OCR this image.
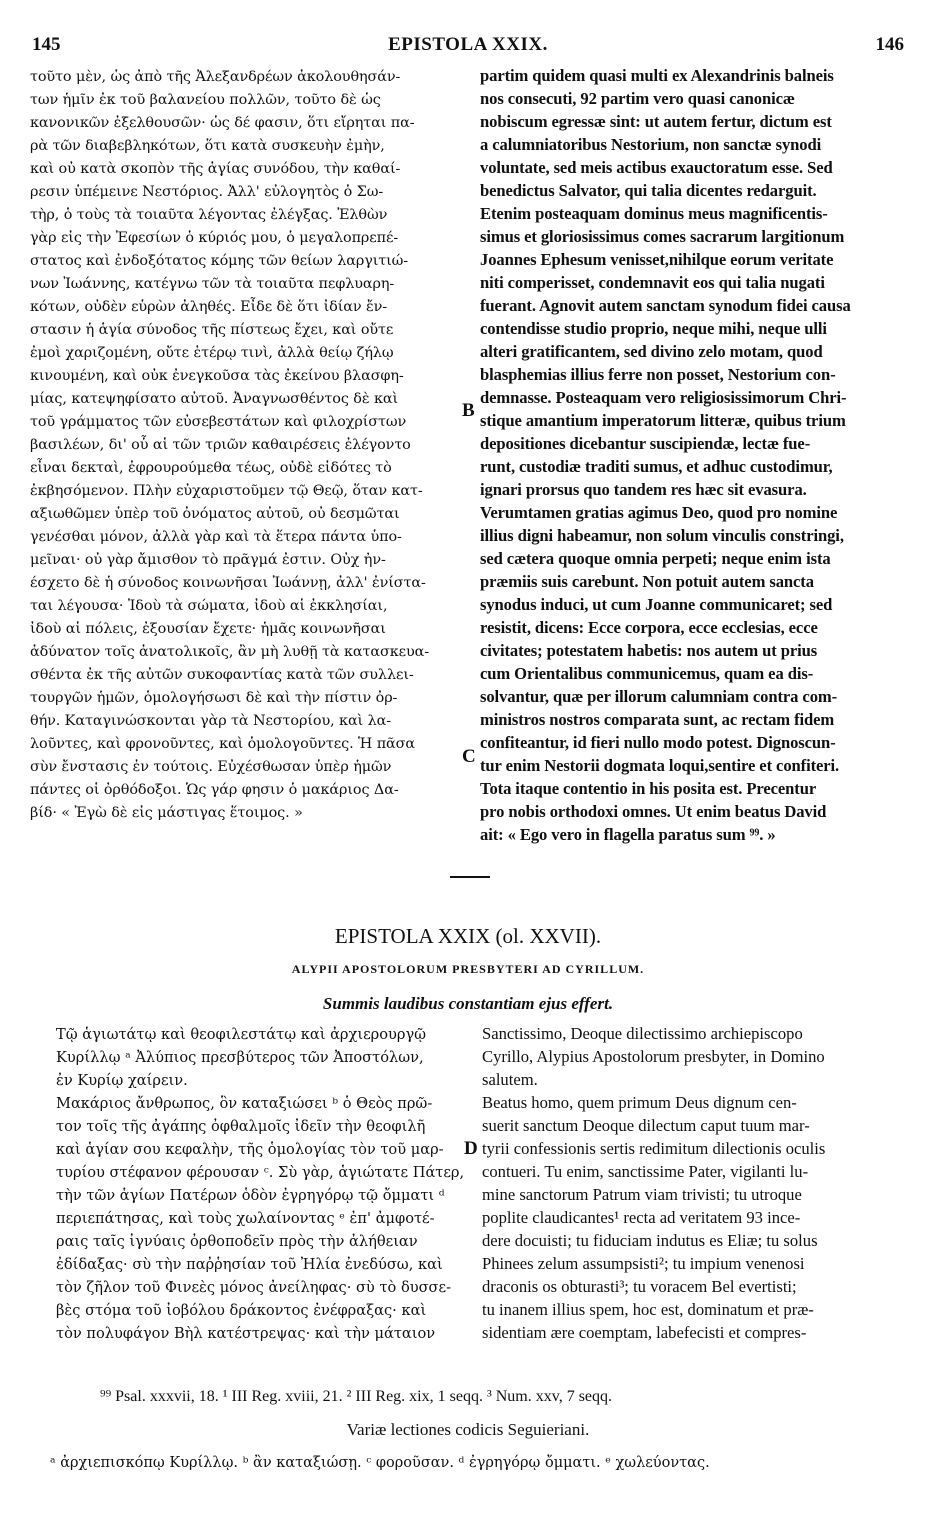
145	EPISTOLA XXIX.	146
τοῦτο μὲν, ὡς ἀπὸ τῆς Ἀλεξανδρέων ἀκολουθησάν-
των ἡμῖν ἐκ τοῦ βαλανείου πολλῶν, τοῦτο δὲ ὡς
κανονικῶν ἐξελθουσῶν· ὡς δέ φασιν, ὅτι εἴρηται πα-
ρὰ τῶν διαβεβληκότων, ὅτι κατὰ συσκευὴν ἐμὴν,
καὶ οὐ κατὰ σκοπὸν τῆς ἁγίας συνόδου, τὴν καθαί-
ρεσιν ὑπέμεινε Νεστόριος. Ἀλλ' εὐλογητὸς ὁ Σω-
τὴρ, ὁ τοὺς τὰ τοιαῦτα λέγοντας ἐλέγξας. Ἐλθὼν
γὰρ εἰς τὴν Ἐφεσίων ὁ κύριός μου, ὁ μεγαλοπρεπέ-
στατος καὶ ἐνδοξότατος κόμης τῶν θείων λαργιτιώ-
νων Ἰωάννης, κατέγνω τῶν τὰ τοιαῦτα πεφλυαρη-
κότων, οὐδὲν εὑρὼν ἀληθές. Εἶδε δὲ ὅτι ἰδίαν ἔν-
στασιν ἡ ἁγία σύνοδος τῆς πίστεως ἔχει, καὶ οὔτε
ἐμοὶ χαριζομένη, οὔτε ἑτέρῳ τινὶ, ἀλλὰ θείῳ ζήλῳ
κινουμένη, καὶ οὐκ ἐνεγκοῦσα τὰς ἐκείνου βλασφη-
μίας, κατεψηφίσατο αὐτοῦ. Ἀναγνωσθέντος δὲ καὶ
τοῦ γράμματος τῶν εὐσεβεστάτων καὶ φιλοχρίστων
βασιλέων, δι' οὗ αἱ τῶν τριῶν καθαιρέσεις ἐλέγοντο
εἶναι δεκταὶ, ἐφρουρούμεθα τέως, οὐδὲ εἰδότες τὸ
ἐκβησόμενον. Πλὴν εὐχαριστοῦμεν τῷ Θεῷ, ὅταν κατ-
αξιωθῶμεν ὑπὲρ τοῦ ὀνόματος αὐτοῦ, οὐ δεσμῶται
γενέσθαι μόνον, ἀλλὰ γὰρ καὶ τὰ ἕτερα πάντα ὑπο-
μεῖναι· οὐ γὰρ ἄμισθον τὸ πρᾶγμά ἐστιν. Οὐχ ἠν-
έσχετο δὲ ἡ σύνοδος κοινωνῆσαι Ἰωάννῃ, ἀλλ' ἐνίστα-
ται λέγουσα· Ἰδοὺ τὰ σώματα, ἰδοὺ αἱ ἐκκλησίαι,
ἰδοὺ αἱ πόλεις, ἐξουσίαν ἔχετε· ἡμᾶς κοινωνῆσαι
ἀδύνατον τοῖς ἀνατολικοῖς, ἂν μὴ λυθῇ τὰ κατασκευα-
σθέντα ἐκ τῆς αὐτῶν συκοφαντίας κατὰ τῶν συλλει-
τουργῶν ἡμῶν, ὁμολογήσωσι δὲ καὶ τὴν πίστιν ὀρ-
θήν. Καταγινώσκονται γὰρ τὰ Νεστορίου, καὶ λα-
λοῦντες, καὶ φρονοῦντες, καὶ ὁμολογοῦντες. Ἡ πᾶσα
σὺν ἔνστασις ἐν τούτοις. Εὐχέσθωσαν ὑπὲρ ἡμῶν
πάντες οἱ ὀρθόδοξοι. Ὡς γάρ φησιν ὁ μακάριος Δα-
βίδ· « Ἐγὼ δὲ εἰς μάστιγας ἕτοιμος. »
partim quidem quasi multi ex Alexandrinis balneis
nos consecuti, 92 partim vero quasi canonicæ
nobiscum egressæ sint: ut autem fertur, dictum est
a calumniatoribus Nestorium, non sanctæ synodi
voluntate, sed meis actibus exauctoratum esse. Sed
benedictus Salvator, qui talia dicentes redarguit.
Etenim posteaquam dominus meus magnificentis-
simus et gloriosissimus comes sacrarum largitionum
Joannes Ephesum venisset,nihilque eorum veritate
niti comperisset, condemnavit eos qui talia nugati
fuerant. Agnovit autem sanctam synodum fidei causa
contendisse studio proprio, neque mihi, neque ulli
alteri gratificantem, sed divino zelo motam, quod
blasphemias illius ferre non posset, Nestorium con-
demnasse. Posteaquam vero religiosissimorum Chri-
stique amantium imperatorum litteræ, quibus trium
depositiones dicebantur suscipiendæ, lectæ fue-
runt, custodiæ traditi sumus, et adhuc custodimur,
ignari prorsus quo tandem res hæc sit evasura.
Verumtamen gratias agimus Deo, quod pro nomine
illius digni habeamur, non solum vinculis constringi,
sed cætera quoque omnia perpeti; neque enim ista
præmiis suis carebunt. Non potuit autem sancta
synodus induci, ut cum Joanne communicaret; sed
resistit, dicens: Ecce corpora, ecce ecclesias, ecce
civitates; potestatem habetis: nos autem ut prius
cum Orientalibus communicemus, quam ea dis-
solvantur, quæ per illorum calumniam contra com-
ministros nostros comparata sunt, ac rectam fidem
confiteantur, id fieri nullo modo potest. Dignoscun-
tur enim Nestorii dogmata loqui,sentire et confiteri.
Tota itaque contentio in his posita est. Precentur
pro nobis orthodoxi omnes. Ut enim beatus David
ait: « Ego vero in flagella paratus sum ⁹⁹. »
B
C
EPISTOLA XXIX (ol. XXVII).
ALYPII APOSTOLORUM PRESBYTERI AD CYRILLUM.
Summis laudibus constantiam ejus effert.
Τῷ ἁγιωτάτῳ καὶ θεοφιλεστάτῳ καὶ ἀρχιερουργῷ
Κυρίλλῳ ᵃ Ἀλύπιος πρεσβύτερος τῶν Ἀποστόλων,
ἐν Κυρίῳ χαίρειν.
Μακάριος ἄνθρωπος, ὃν καταξιώσει ᵇ ὁ Θεὸς πρῶ-
τον τοῖς τῆς ἀγάπης ὀφθαλμοῖς ἰδεῖν τὴν θεοφιλῆ
καὶ ἁγίαν σου κεφαλὴν, τῆς ὁμολογίας τὸν τοῦ μαρ-
τυρίου στέφανον φέρουσαν ᶜ. Σὺ γὰρ, ἁγιώτατε Πάτερ,
τὴν τῶν ἁγίων Πατέρων ὁδὸν ἐγρηγόρῳ τῷ ὄμματι ᵈ
περιεπάτησας, καὶ τοὺς χωλαίνοντας ᵉ ἐπ' ἀμφοτέ-
ραις ταῖς ἰγνύαις ὀρθοποδεῖν πρὸς τὴν ἀλήθειαν
ἐδίδαξας· σὺ τὴν παῤῥησίαν τοῦ Ἠλία ἐνεδύσω, καὶ
τὸν ζῆλον τοῦ Φινεὲς μόνος ἀνείληφας· σὺ τὸ δυσσε-
βὲς στόμα τοῦ ἰοβόλου δράκοντος ἐνέφραξας· καὶ
τὸν πολυφάγον Βὴλ κατέστρεψας· καὶ τὴν μάταιον
Sanctissimo, Deoque dilectissimo archiepiscopo
Cyrillo, Alypius Apostolorum presbyter, in Domino
salutem.
Beatus homo, quem primum Deus dignum cen-
suerit sanctum Deoque dilectum caput tuum mar-
tyrii confessionis sertis redimitum dilectionis oculis
contueri. Tu enim, sanctissime Pater, vigilanti lu-
mine sanctorum Patrum viam trivisti; tu utroque
poplite claudicantes¹ recta ad veritatem 93 ince-
dere docuisti; tu fiduciam indutus es Eliæ; tu solus
Phinees zelum assumpsisti²; tu impium venenosi
draconis os obturasti³; tu voracem Bel evertisti;
tu inanem illius spem, hoc est, dominatum et præ-
sidentiam ære coemptam, labefecisti et compres-
D
⁹⁹ Psal. xxxvii, 18. ¹ III Reg. xviii, 21. ² III Reg. xix, 1 seqq. ³ Num. xxv, 7 seqq.
Variæ lectiones codicis Seguieriani.
ᵃ ἀρχιεπισκόπῳ Κυρίλλῳ. ᵇ ἂν καταξιώσῃ. ᶜ φοροῦσαν. ᵈ ἐγρηγόρῳ ὄμματι. ᵉ χωλεύοντας.
